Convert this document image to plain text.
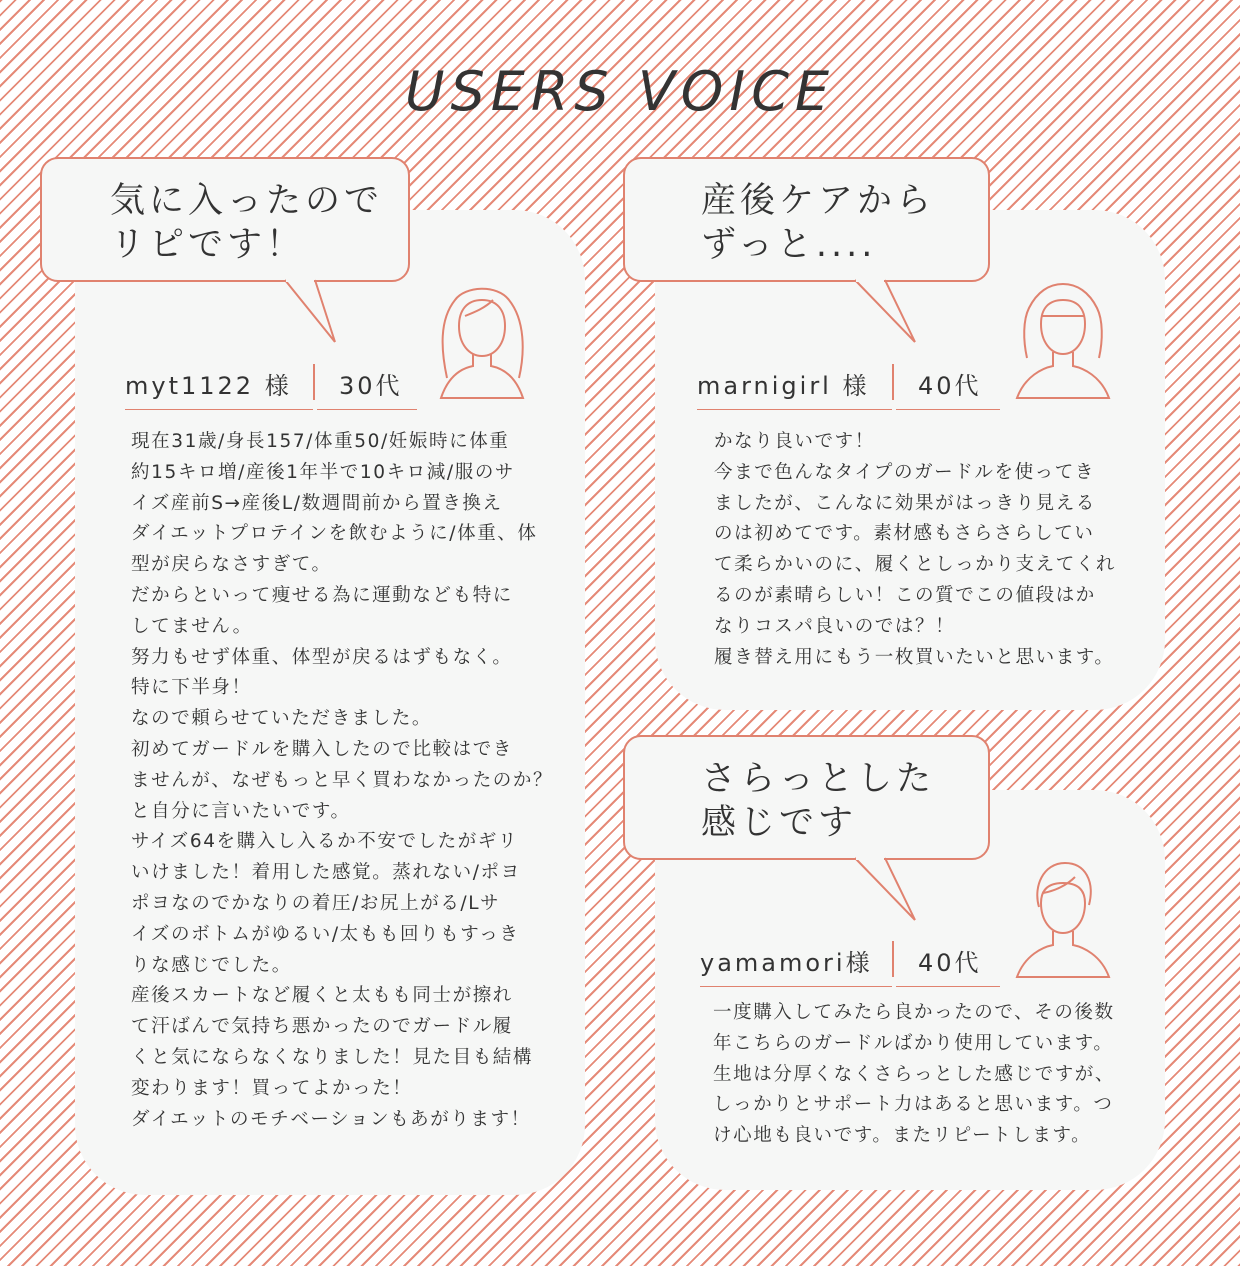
USERS VOICE
気に入ったので
リピです！
myt1122 様	30代
現在31歳/身長157/体重50/妊娠時に体重
約15キロ増/産後1年半で10キロ減/服のサ
イズ産前S→産後L/数週間前から置き換え
ダイエットプロテインを飲むように/体重、体
型が戻らなさすぎて。
だからといって痩せる為に運動なども特に
してません。
努力もせず体重、体型が戻るはずもなく。
特に下半身！
なので頼らせていただきました。
初めてガードルを購入したので比較はでき
ませんが、なぜもっと早く買わなかったのか？
と自分に言いたいです。
サイズ64を購入し入るか不安でしたがギリ
いけました！着用した感覚。蒸れない/ポヨ
ポヨなのでかなりの着圧/お尻上がる/Lサ
イズのボトムがゆるい/太もも回りもすっき
りな感じでした。
産後スカートなど履くと太もも同士が擦れ
て汗ばんで気持ち悪かったのでガードル履
くと気にならなくなりました！見た目も結構
変わります！買ってよかった！
ダイエットのモチベーションもあがります！
産後ケアから
ずっと....
marnigirl 様	40代
かなり良いです！
今まで色んなタイプのガードルを使ってき
ましたが、こんなに効果がはっきり見える
のは初めてです。素材感もさらさらしてい
て柔らかいのに、履くとしっかり支えてくれ
るのが素晴らしい！この質でこの値段はか
なりコスパ良いのでは？！
履き替え用にもう一枚買いたいと思います。
さらっとした
感じです
yamamori様	40代
一度購入してみたら良かったので、その後数
年こちらのガードルばかり使用しています。
生地は分厚くなくさらっとした感じですが、
しっかりとサポート力はあると思います。つ
け心地も良いです。またリピートします。
